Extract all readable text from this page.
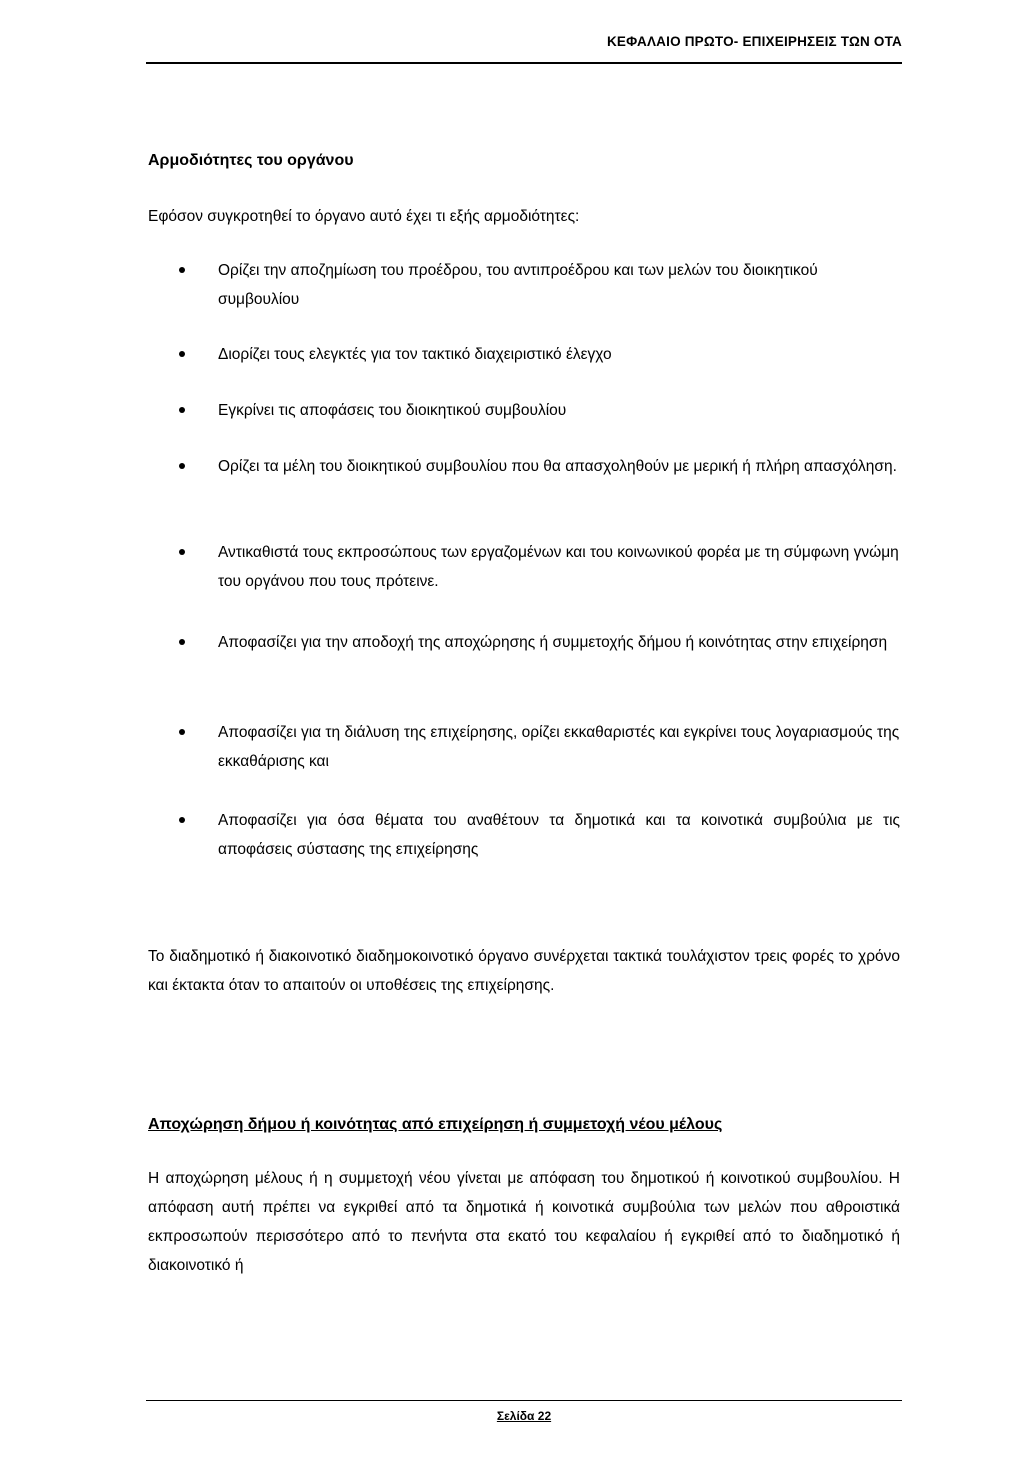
ΚΕΦΑΛΑΙΟ ΠΡΩΤΟ- ΕΠΙΧΕΙΡΗΣΕΙΣ ΤΩΝ ΟΤΑ
Αρμοδιότητες του οργάνου
Εφόσον συγκροτηθεί το όργανο αυτό έχει τι εξής αρμοδιότητες:
Ορίζει την αποζημίωση του προέδρου, του αντιπροέδρου και των μελών του διοικητικού συμβουλίου
Διορίζει τους ελεγκτές για τον τακτικό διαχειριστικό έλεγχο
Εγκρίνει τις αποφάσεις του διοικητικού συμβουλίου
Ορίζει τα μέλη του διοικητικού συμβουλίου που θα απασχοληθούν με μερική ή πλήρη απασχόληση.
Αντικαθιστά τους εκπροσώπους των εργαζομένων και του κοινωνικού φορέα με τη σύμφωνη γνώμη του οργάνου που τους πρότεινε.
Αποφασίζει για την αποδοχή της αποχώρησης ή συμμετοχής δήμου ή κοινότητας στην επιχείρηση
Αποφασίζει για τη διάλυση της επιχείρησης, ορίζει εκκαθαριστές και εγκρίνει τους λογαριασμούς της εκκαθάρισης και
Αποφασίζει για όσα θέματα του αναθέτουν τα δημοτικά και τα κοινοτικά συμβούλια με τις αποφάσεις σύστασης της επιχείρησης
Το διαδημοτικό ή διακοινοτικό διαδημοκοινοτικό όργανο συνέρχεται τακτικά τουλάχιστον τρεις φορές το χρόνο και έκτακτα όταν το απαιτούν οι υποθέσεις της επιχείρησης.
Αποχώρηση δήμου ή κοινότητας από επιχείρηση ή συμμετοχή νέου μέλους
Η αποχώρηση μέλους ή η συμμετοχή νέου γίνεται με απόφαση του δημοτικού ή κοινοτικού συμβουλίου. Η απόφαση αυτή πρέπει να εγκριθεί από τα δημοτικά ή κοινοτικά συμβούλια των μελών που αθροιστικά εκπροσωπούν περισσότερο από το πενήντα στα εκατό του κεφαλαίου ή εγκριθεί από το διαδημοτικό ή διακοινοτικό ή
Σελίδα 22
